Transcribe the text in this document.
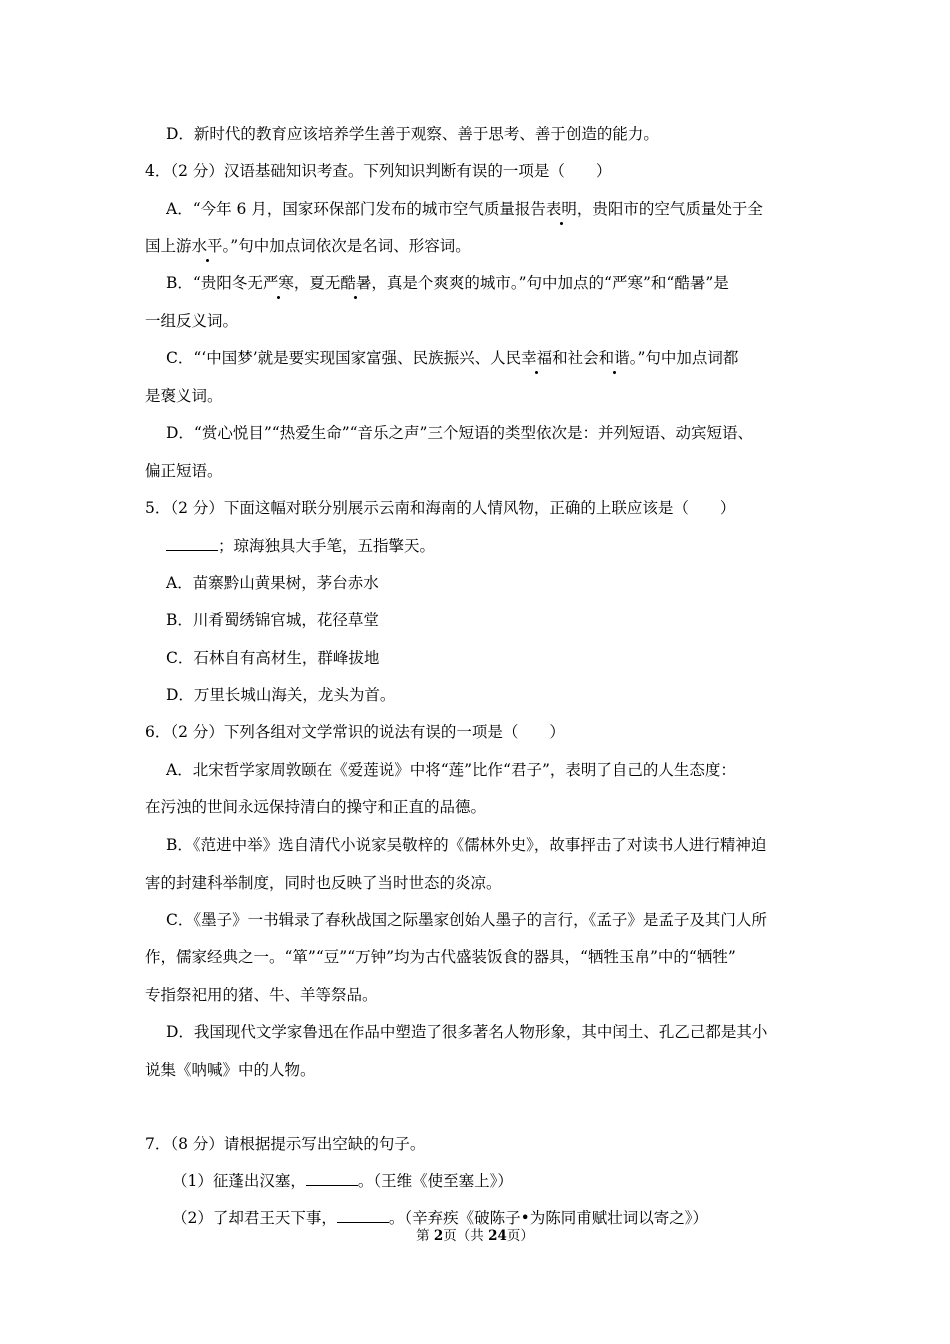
D．新时代的教育应该培养学生善于观察、善于思考、善于创造的能力。
4．（2 分）汉语基础知识考查。下列知识判断有误的一项是（　　）
A．“今年 6 月，国家环保部门发布的城市空气质量报告表明，贵阳市的空气质量处于全
国上游水平。”句中加点词依次是名词、形容词。
B．“贵阳冬无严寒，夏无酷暑，真是个爽爽的城市。”句中加点的“严寒”和“酷暑”是
一组反义词。
C．“‘中国梦’就是要实现国家富强、民族振兴、人民幸福和社会和谐。”句中加点词都
是褒义词。
D．“赏心悦目”“热爱生命”“音乐之声”三个短语的类型依次是：并列短语、动宾短语、
偏正短语。
5．（2 分）下面这幅对联分别展示云南和海南的人情风物，正确的上联应该是（　　）
；琼海独具大手笔，五指擎天。
A．苗寨黔山黄果树，茅台赤水
B．川肴蜀绣锦官城，花径草堂
C．石林自有高材生，群峰拔地
D．万里长城山海关，龙头为首。
6．（2 分）下列各组对文学常识的说法有误的一项是（　　）
A．北宋哲学家周敦颐在《爱莲说》中将“莲”比作“君子”，表明了自己的人生态度：
在污浊的世间永远保持清白的操守和正直的品德。
B．《范进中举》选自清代小说家吴敬梓的《儒林外史》，故事抨击了对读书人进行精神迫
害的封建科举制度，同时也反映了当时世态的炎凉。
C．《墨子》一书辑录了春秋战国之际墨家创始人墨子的言行，《孟子》是孟子及其门人所
作，儒家经典之一。“箪”“豆”“万钟”均为古代盛装饭食的器具，“牺牲玉帛”中的“牺牲”
专指祭祀用的猪、牛、羊等祭品。
D．我国现代文学家鲁迅在作品中塑造了很多著名人物形象，其中闰土、孔乙己都是其小
说集《呐喊》中的人物。
7．（8 分）请根据提示写出空缺的句子。
（1）征蓬出汉塞，	。（王维《使至塞上》）
（2）了却君王天下事，	。（辛弃疾《破陈子•为陈同甫赋壮词以寄之》）
第 2页（共 24页）
